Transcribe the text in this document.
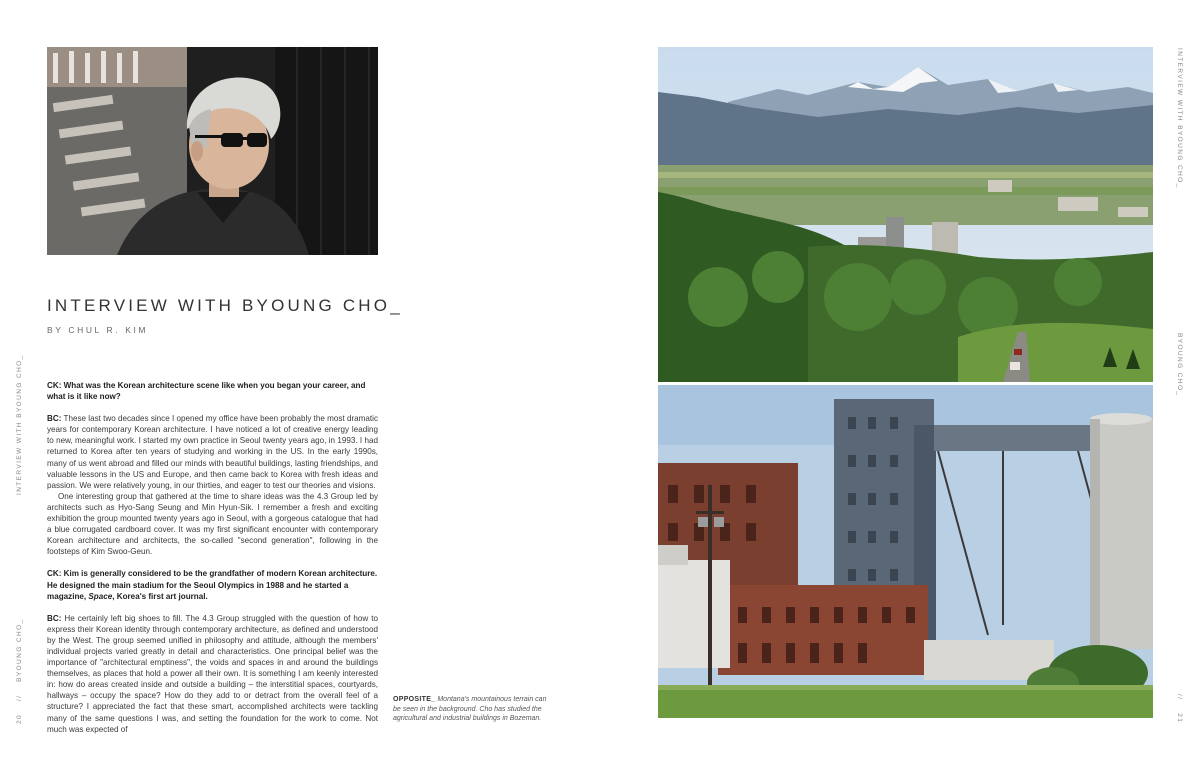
INTERVIEW WITH BYOUNG CHO_
BY CHUL R. KIM

CK: What was the Korean architecture scene like when you began your career, and what is it like now?

BC: These last two decades since I opened my office have been probably the most dramatic years for contemporary Korean architecture. I have noticed a lot of creative energy leading to new, meaningful work. I started my own practice in Seoul twenty years ago, in 1993. I had returned to Korea after ten years of studying and working in the US. In the early 1990s, many of us went abroad and filled our minds with beautiful buildings, lasting friendships, and valuable lessons in the US and Europe, and then came back to Korea with fresh ideas and passion. We were relatively young, in our thirties, and eager to test our theories and visions.

One interesting group that gathered at the time to share ideas was the 4.3 Group led by architects such as Hyo-Sang Seung and Min Hyun-Sik. I remember a fresh and exciting exhibition the group mounted twenty years ago in Seoul, with a gorgeous catalogue that had a blue corrugated cardboard cover. It was my first significant encounter with contemporary Korean architecture and architects, the so-called "second generation", following in the footsteps of Kim Swoo-Geun.

CK: Kim is generally considered to be the grandfather of modern Korean architecture. He designed the main stadium for the Seoul Olympics in 1988 and he started a magazine, Space, Korea's first art journal.

BC: He certainly left big shoes to fill. The 4.3 Group struggled with the question of how to express their Korean identity through contemporary architecture, as defined and understood by the West. The group seemed unified in philosophy and attitude, although the members' individual projects varied greatly in detail and characteristics. One principal belief was the importance of "architectural emptiness", the voids and spaces in and around the buildings themselves, as places that hold a power all their own. It is something I am keenly interested in: how do areas created inside and outside a building – the interstitial spaces, courtyards, hallways – occupy the space? How do they add to or detract from the overall feel of a structure? I appreciated the fact that these smart, accomplished architects were tackling many of the same questions I was, and setting the foundation for the work to come. Not much was expected of

INTERVIEW WITH BYOUNG CHO_
20    //    BYOUNG CHO_
OPPOSITE_ Montana's mountainous terrain can be seen in the background. Cho has studied the agricultural and industrial buildings in Bozeman.
INTERVIEW WITH BYOUNG CHO_
BYOUNG CHO_
//    21
